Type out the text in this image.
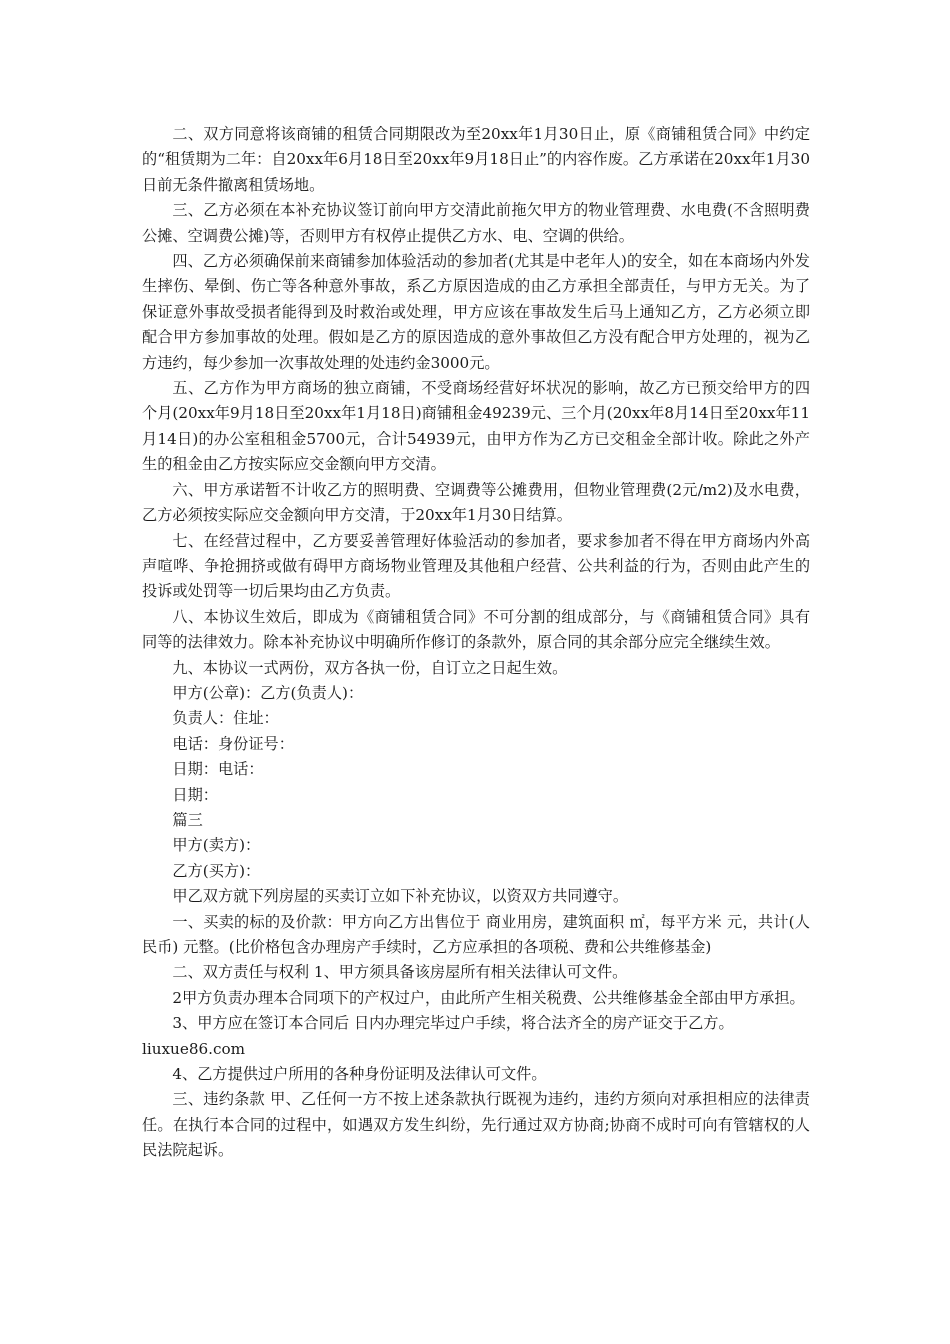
二、双方同意将该商铺的租赁合同期限改为至20xx年1月30日止，原《商铺租赁合同》中约定的“租赁期为二年：自20xx年6月18日至20xx年9月18日止”的内容作废。乙方承诺在20xx年1月30日前无条件撤离租赁场地。

三、乙方必须在本补充协议签订前向甲方交清此前拖欠甲方的物业管理费、水电费(不含照明费公摊、空调费公摊)等，否则甲方有权停止提供乙方水、电、空调的供给。

四、乙方必须确保前来商铺参加体验活动的参加者(尤其是中老年人)的安全，如在本商场内外发生摔伤、晕倒、伤亡等各种意外事故，系乙方原因造成的由乙方承担全部责任，与甲方无关。为了保证意外事故受损者能得到及时救治或处理，甲方应该在事故发生后马上通知乙方，乙方必须立即配合甲方参加事故的处理。假如是乙方的原因造成的意外事故但乙方没有配合甲方处理的，视为乙方违约，每少参加一次事故处理的处违约金3000元。

五、乙方作为甲方商场的独立商铺，不受商场经营好坏状况的影响，故乙方已预交给甲方的四个月(20xx年9月18日至20xx年1月18日)商铺租金49239元、三个月(20xx年8月14日至20xx年11月14日)的办公室租租金5700元，合计54939元，由甲方作为乙方已交租金全部计收。除此之外产生的租金由乙方按实际应交金额向甲方交清。

六、甲方承诺暂不计收乙方的照明费、空调费等公摊费用，但物业管理费(2元/m2)及水电费，乙方必须按实际应交金额向甲方交清，于20xx年1月30日结算。

七、在经营过程中，乙方要妥善管理好体验活动的参加者，要求参加者不得在甲方商场内外高声喧哗、争抢拥挤或做有碍甲方商场物业管理及其他租户经营、公共利益的行为，否则由此产生的投诉或处罚等一切后果均由乙方负责。

八、本协议生效后，即成为《商铺租赁合同》不可分割的组成部分，与《商铺租赁合同》具有同等的法律效力。除本补充协议中明确所作修订的条款外，原合同的其余部分应完全继续生效。

九、本协议一式两份，双方各执一份，自订立之日起生效。

甲方(公章)：乙方(负责人)：

负责人：住址：

电话：身份证号：

日期：电话：

日期：

篇三

甲方(卖方)：

乙方(买方)：

甲乙双方就下列房屋的买卖订立如下补充协议，以资双方共同遵守。

一、买卖的标的及价款：甲方向乙方出售位于 商业用房，建筑面积 ㎡，每平方米 元，共计(人民币) 元整。(比价格包含办理房产手续时，乙方应承担的各项税、费和公共维修基金)

二、双方责任与权利 1、甲方须具备该房屋所有相关法律认可文件。

2甲方负责办理本合同项下的产权过户，由此所产生相关税费、公共维修基金全部由甲方承担。

3、甲方应在签订本合同后 日内办理完毕过户手续，将合法齐全的房产证交于乙方。

liuxue86.com

4、乙方提供过户所用的各种身份证明及法律认可文件。

三、违约条款 甲、乙任何一方不按上述条款执行既视为违约，违约方须向对承担相应的法律责任。在执行本合同的过程中，如遇双方发生纠纷，先行通过双方协商;协商不成时可向有管辖权的人民法院起诉。
